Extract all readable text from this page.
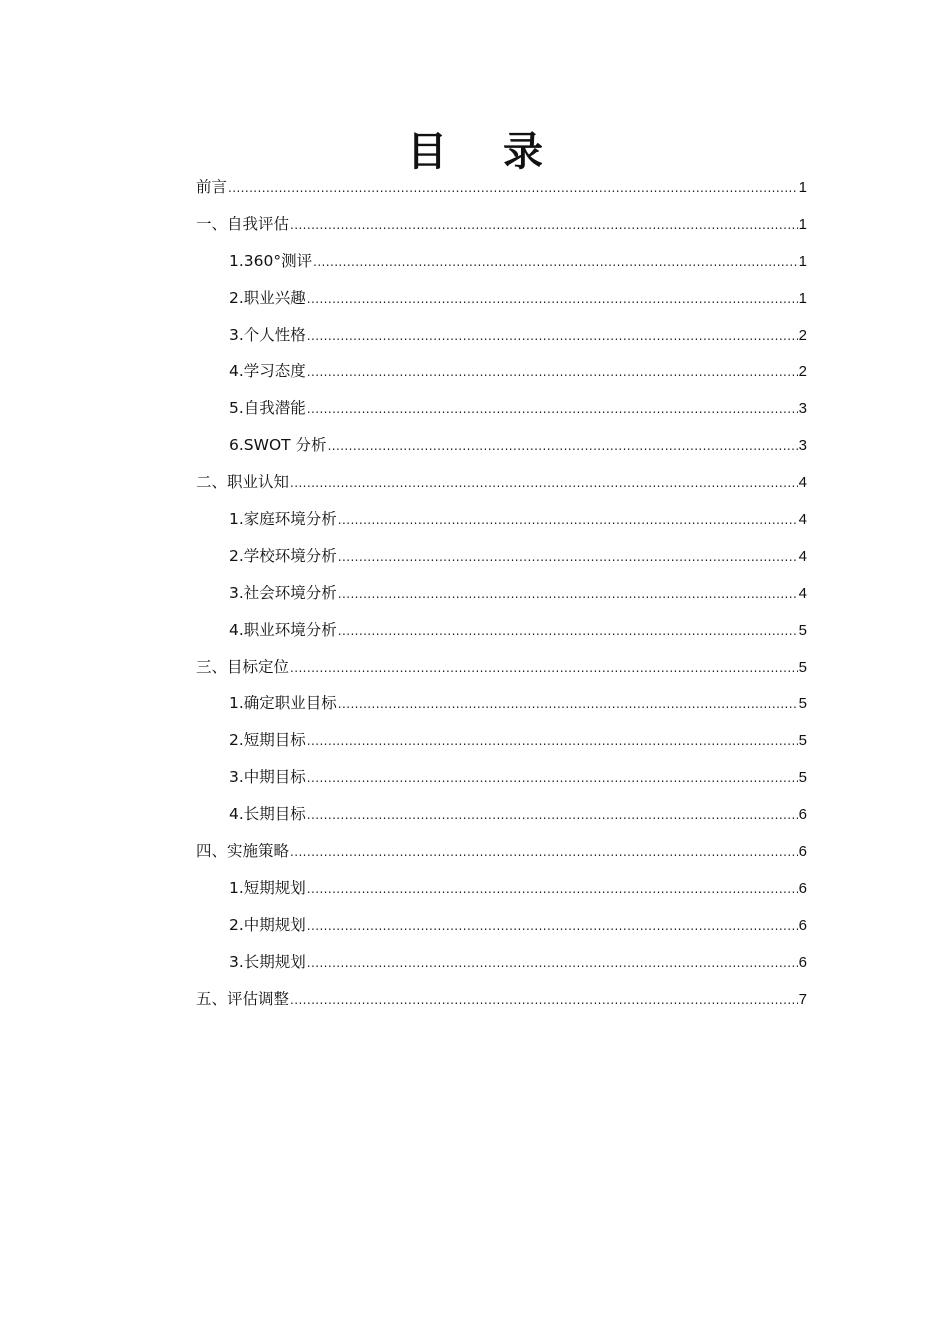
目 录
前言 .....	1
一、自我评估 .....	1
1.360°测评 .....	1
2.职业兴趣 .....	1
3.个人性格 .....	2
4.学习态度 .....	2
5.自我潜能 .....	3
6.SWOT 分析 .....	3
二、职业认知 .....	4
1.家庭环境分析 .....	4
2.学校环境分析 .....	4
3.社会环境分析 .....	4
4.职业环境分析 .....	5
三、目标定位 .....	5
1.确定职业目标 .....	5
2.短期目标 .....	5
3.中期目标 .....	5
4.长期目标 .....	6
四、实施策略 .....	6
1.短期规划 .....	6
2.中期规划 .....	6
3.长期规划 .....	6
五、评估调整 .....	7
